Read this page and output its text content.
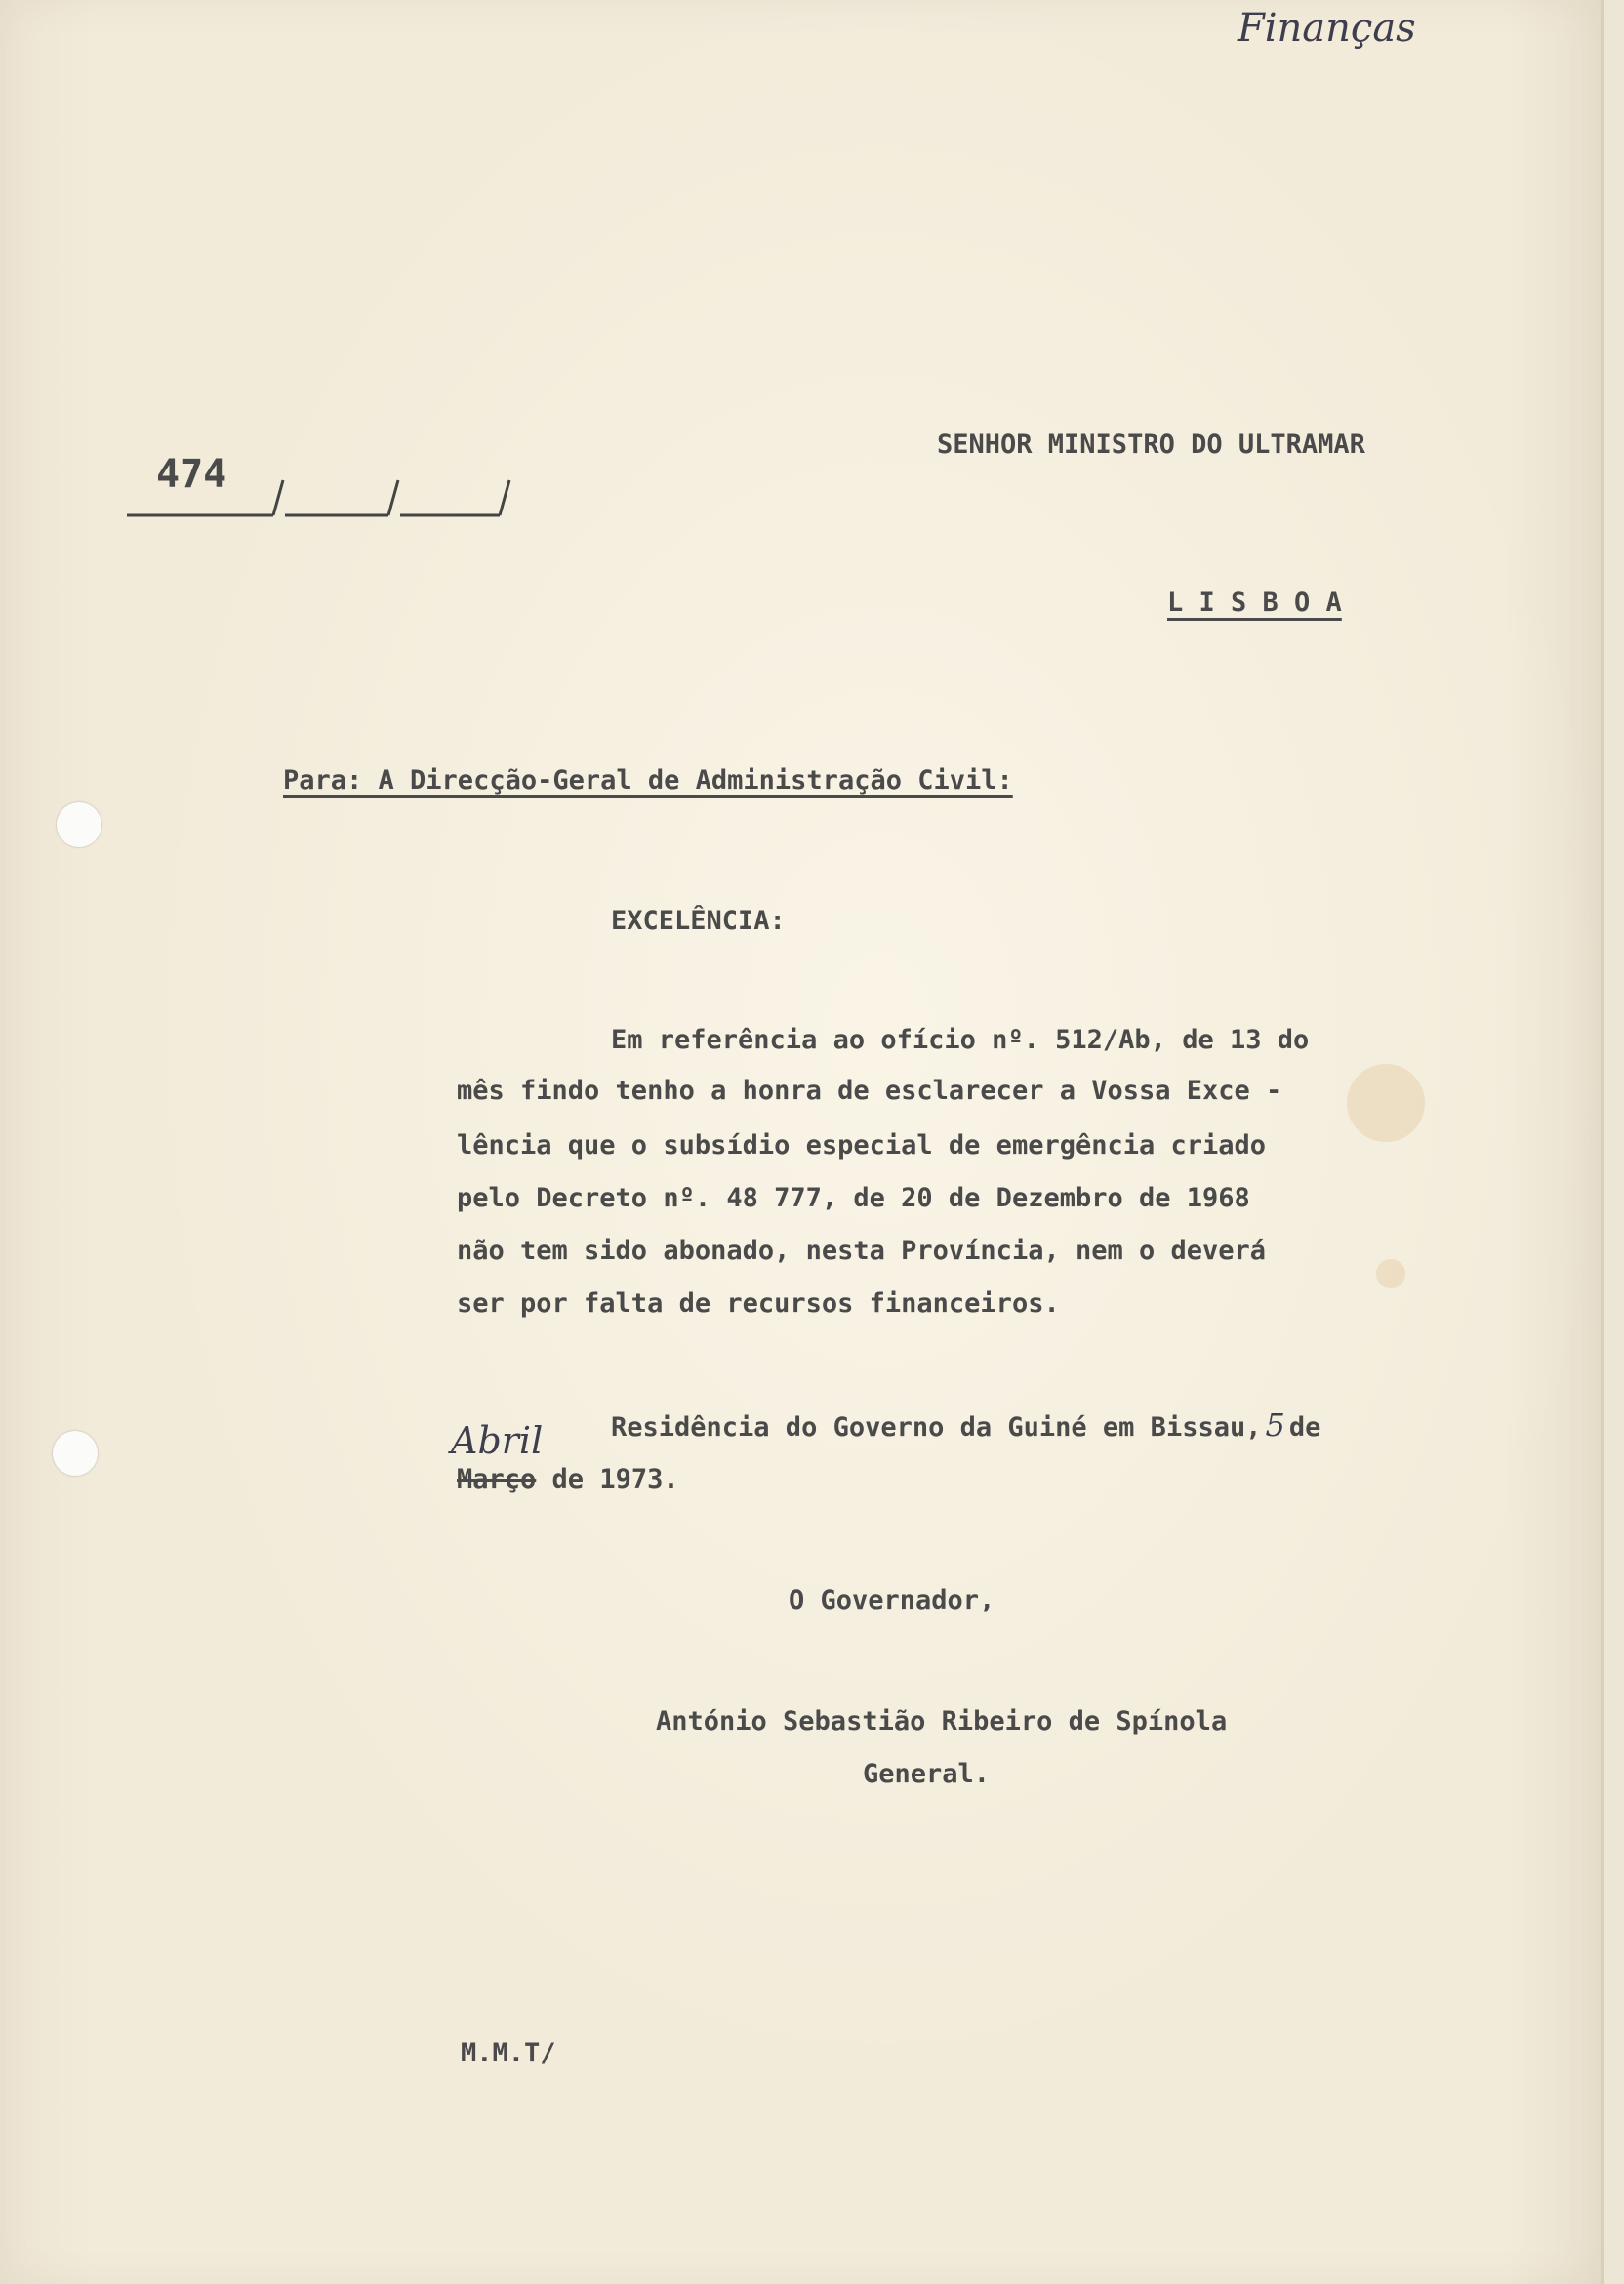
Finanças
474
SENHOR MINISTRO DO ULTRAMAR
L I S B O A
Para: A Direcção-Geral de Administração Civil:
EXCELÊNCIA:
Em referência ao ofício nº. 512/Ab, de 13 do
mês findo tenho a honra de esclarecer a Vossa Exce -
lência que o subsídio especial de emergência criado
pelo Decreto nº. 48 777, de 20 de Dezembro de 1968
não tem sido abonado, nesta Província, nem o deverá
ser por falta de recursos financeiros.
Residência do Governo da Guiné em Bissau, 5 de
Abril
Março de 1973.
O Governador,
António Sebastião Ribeiro de Spínola
General.
M.M.T/
